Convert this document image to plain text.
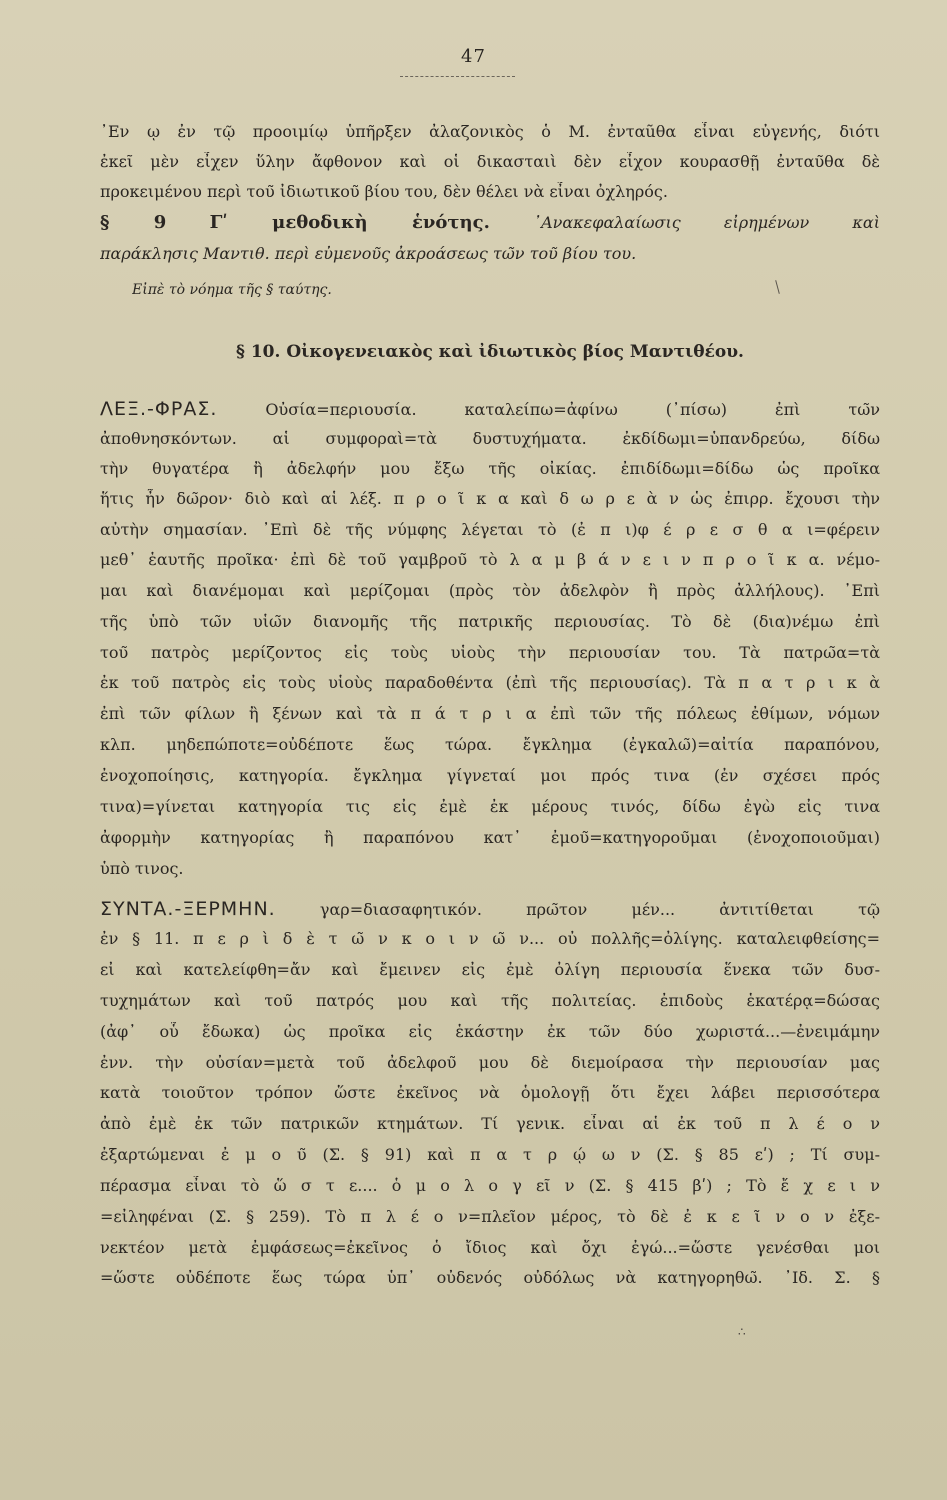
47
᾿Εν ῳ ἐν τῷ προοιμίῳ ὑπη̃ρξεν ἀλαζονικὸς ὁ Μ. ἐνταũθα εἶναι εὐγενής, διότι
ἐκεῖ μὲν εἶχεν ὕλην ἄφθονον καὶ οἱ δικασταιὶ δὲν εἶχον κουρασθῇ ἐνταυ̃θα δὲ
προκειμένου περὶ του̃ ἰδιωτικου̃ βίου του, δὲν θέλει νὰ εἶναι ὀχληρός.
§ 9 Γʹ μεθοδικὴ ἑνότης.	᾿Ανακεφαλαίωσις εἰρημένων καὶ
παράκλησις Μαντιθ. περὶ εὐμενου̃ς ἀκροάσεως τω̃ν του̃ βίου του.
Εἰπὲ τὸ νόημα τη̃ς § ταύτης.
§ 10. Οἰκογενειακὸς καὶ ἰδιωτικὸς βίος Μαντιθέου.
ΛΕΞ.-ΦΡΑΣ.	Οὐσία=περιουσία. καταλείπω=ἀφίνω (᾿πίσω) ἐπὶ τω̃ν
ἀποθνησκόντων. αἱ συμφοραὶ=τὰ δυστυχήματα. ἐκδίδωμι=ὑπανδρεύω, δίδω
τὴν θυγατέρα ἢ ἀδελφήν μου ἔξω τη̃ς οἰκίας. ἐπιδίδωμι=δίδω ὡς προι̃κα
ἥτις ἦν δω̃ρον· διὸ καὶ αἱ λέξ. π ρ ο ι̃ κ α καὶ δ ω ρ ε ὰ ν ὡς ἐπιρρ. ἔχουσι τὴν
αὐτὴν σημασίαν. ᾿Επὶ δὲ τη̃ς νύμφης λέγεται τὸ (ἐ π ι)φ έ ρ ε σ θ α ι=φέρειν
μεθ᾿ ἑαυτη̃ς προι̃κα· ἐπὶ δὲ του̃ γαμβρου̃ τὸ λ α μ β ά ν ε ι ν π ρ ο ι̃ κ α. νέμο-
μαι καὶ διανέμομαι καὶ μερίζομαι (πρὸς τὸν ἀδελφὸν ἢ πρὸς ἀλλήλους). ᾿Επὶ
τη̃ς ὑπὸ τω̃ν υἱω̃ν διανομη̃ς τη̃ς πατρικη̃ς περιουσίας. Τὸ δὲ (δια)νέμω ἐπὶ
του̃ πατρὸς μερίζοντος εἰς τοὺς υἱοὺς τὴν περιουσίαν του. Τὰ πατρω̃α=τὰ
ἐκ του̃ πατρὸς εἰς τοὺς υἱοὺς παραδοθέντα (ἐπὶ τη̃ς περιουσίας). Τὰ π α τ ρ ι κ ὰ
ἐπὶ τω̃ν φίλων ἢ ξένων καὶ τὰ π ά τ ρ ι α ἐπὶ τω̃ν τη̃ς πόλεως ἐθίμων, νόμων
κλπ. μηδεπώποτε=οὐδέποτε ἕως τώρα. ἔγκλημα (ἐγκαλω̃)=αἰτία παραπόνου,
ἐνοχοποίησις, κατηγορία. ἔγκλημα γίγνεταί μοι πρός τινα (ἐν σχέσει πρός
τινα)=γίνεται κατηγορία τις εἰς ἐμὲ ἐκ μέρους τινός, δίδω ἐγὼ εἰς τινα
ἀφορμὴν κατηγορίας ἢ παραπόνου κατ᾿ ἐμου̃=κατηγορου̃μαι (ἐνοχοποιου̃μαι)
ὑπὸ τινος.
ΣΥΝΤΑ.-ΞΕΡΜΗΝ.	γαρ=διασαφητικόν. πρω̃τον μέν... ἀντιτίθεται τῷ
ἐν § 11. π ε ρ ὶ δ ὲ τ ω̃ ν κ ο ι ν ω̃ ν... οὐ πολλη̃ς=ὀλίγης. καταλειφθείσης=
εἰ καὶ κατελείφθη=ἄν καὶ ἔμεινεν εἰς ἐμὲ ὀλίγη περιουσία ἕνεκα τω̃ν δυσ-
τυχημάτων καὶ του̃ πατρός μου καὶ τη̃ς πολιτείας. ἐπιδοὺς ἑκατέρᾳ=δώσας
(ἀφ᾿ οὗ ἔδωκα) ὡς προι̃κα εἰς ἑκάστην ἐκ τω̃ν δύο χωριστά...—ἐνειμάμην
ἐνν. τὴν οὐσίαν=μετὰ του̃ ἀδελφου̃ μου δὲ διεμοίρασα τὴν περιουσίαν μας
κατὰ τοιου̃τον τρόπον ὥστε ἐκει̃νος νὰ ὁμολογῇ ὅτι ἔχει λάβει περισσότερα
ἀπὸ ἐμὲ ἐκ τω̃ν πατρικω̃ν κτημάτων. Τί γενικ. εἶναι αἱ ἐκ του̃ π λ έ ο ν
ἐξαρτώμεναι ἐ μ ο υ̃ (Σ. § 91) καὶ π α τ ρ ῴ ω ν (Σ. § 85 εʹ) ; Τί συμ-
πέρασμα εἶναι τὸ ὥ σ τ ε.... ὁ μ ο λ ο γ εῖ ν (Σ. § 415 βʹ) ; Τὸ ἔ χ ε ι ν
=εἰληφέναι (Σ. § 259). Τὸ π λ έ ο ν=πλει̃ον μέρος, τὸ δὲ ἐ κ ε ι̃ ν ο ν ἐξε-
νεκτέον μετὰ ἐμφάσεως=ἐκει̃νος ὁ ἴδιος καὶ ὄχι ἐγώ...=ὥστε γενέσθαι μοι
=ὥστε οὐδέποτε ἕως τώρα ὑπ᾿ οὐδενός οὐδόλως νὰ κατηγορηθω̃. ᾿Ιδ. Σ. §
∴
